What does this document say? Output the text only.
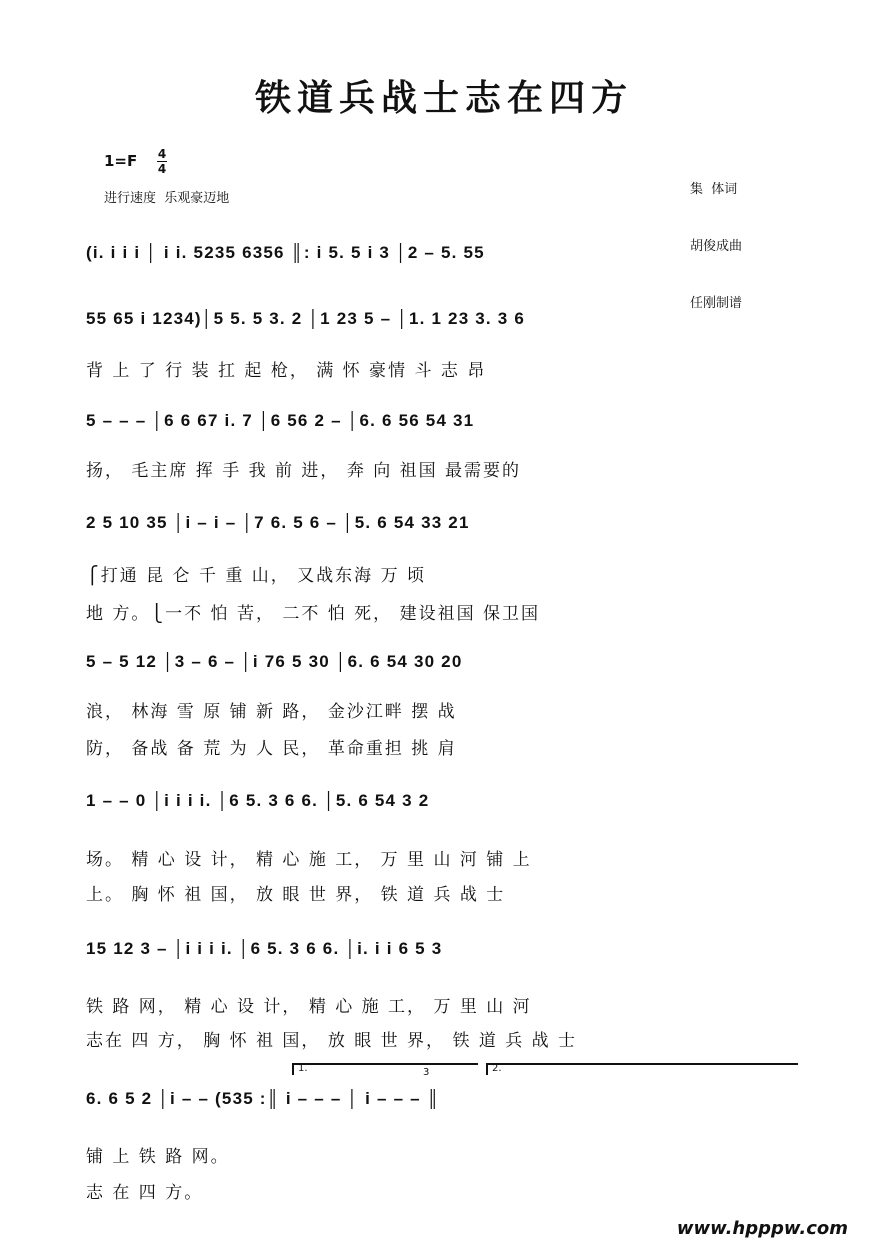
铁道兵战士志在四方
1=F 4
4
进行速度  乐观豪迈地

集  体词

胡俊成曲

任刚制谱

(i. i i i │ i i. 5235 6356 ║: i 5. 5 i 3 │2 – 5. 55
55 65 i 1234)│5 5. 5 3. 2 │1 23 5 – │1. 1 23 3. 3 6
背 上 了 行 装 扛 起 枪， 满 怀 豪情 斗 志 昂
5 – – – │6 6 67 i. 7 │6 56 2 – │6. 6 56 54 31
扬， 毛主席 挥 手 我 前 进， 奔 向 祖国 最需要的
2 5 10 35 │i – i – │7 6. 5 6 – │5. 6 54 33 21
⎧打通 昆 仑 千 重 山， 又战东海 万 顷
地 方。⎩一不 怕 苦， 二不 怕 死， 建设祖国 保卫国
5 – 5 12 │3 – 6 – │i 76 5 30 │6. 6 54 30 20
浪， 林海 雪 原 铺 新 路， 金沙江畔 摆 战
防， 备战 备 荒 为 人 民， 革命重担 挑 肩
1 – – 0 │i i i i. │6 5. 3 6 6. │5. 6 54 3 2
场。 精 心 设 计， 精 心 施 工， 万 里 山 河 铺 上
上。 胸 怀 祖 国， 放 眼 世 界， 铁 道 兵 战 士
15 12 3 – │i i i i. │6 5. 3 6 6. │i. i i 6 5 3
铁 路 网， 精 心 设 计， 精 心 施 工， 万 里 山 河
志在 四 方， 胸 怀 祖 国， 放 眼 世 界， 铁 道 兵 战 士
1.	2.
3
6. 6 5 2 │i – – (535 :║ i – – – │ i – – – ║
铺 上 铁 路 网。
志 在 四 方。
www.hpppw.com
